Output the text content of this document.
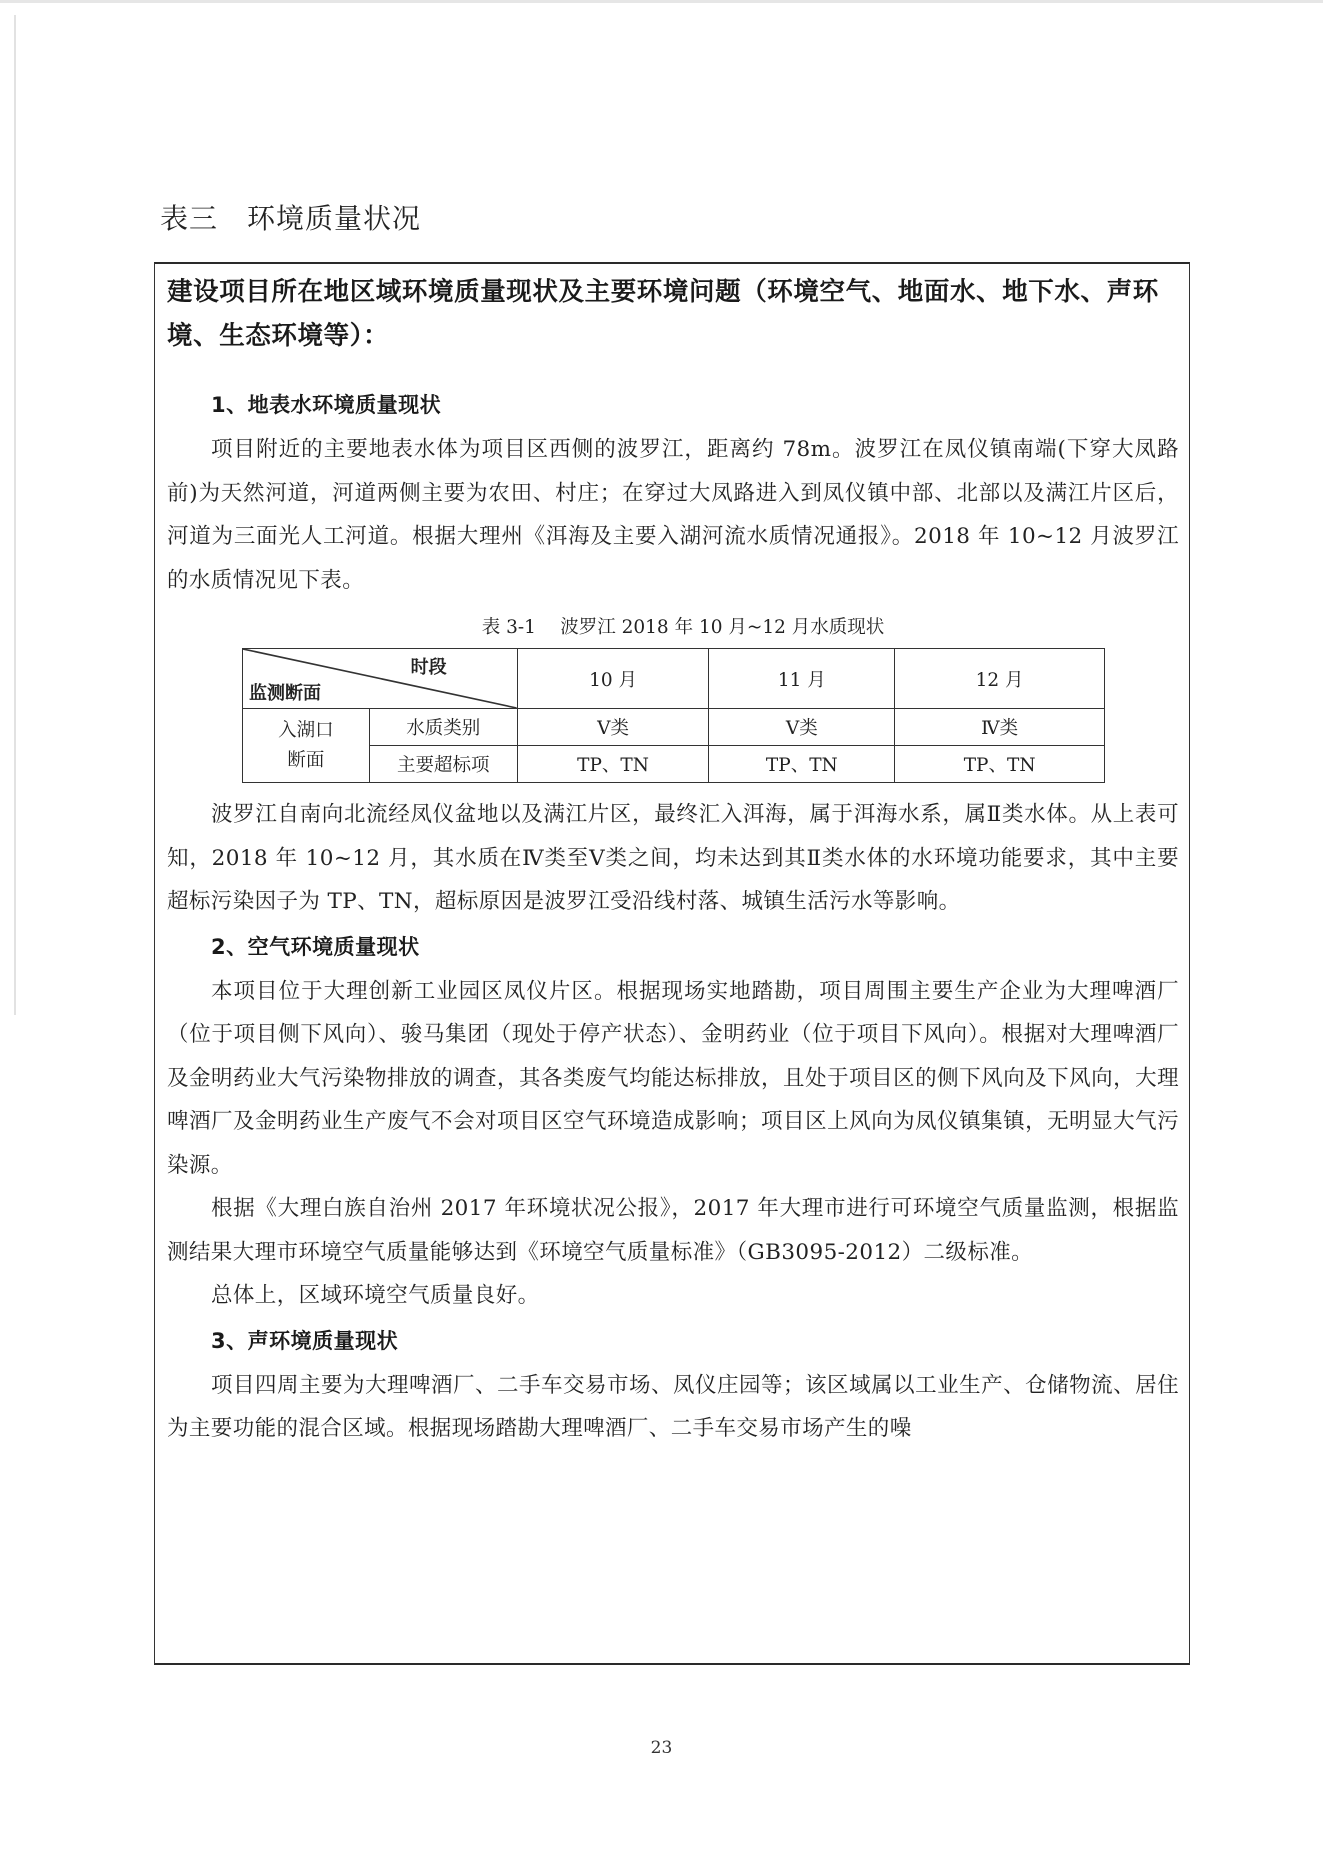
表三　环境质量状况
建设项目所在地区域环境质量现状及主要环境问题（环境空气、地面水、地下水、声环境、生态环境等）：
1、地表水环境质量现状

项目附近的主要地表水体为项目区西侧的波罗江，距离约 78m。波罗江在凤仪镇南端(下穿大凤路前)为天然河道，河道两侧主要为农田、村庄；在穿过大凤路进入到凤仪镇中部、北部以及满江片区后，河道为三面光人工河道。根据大理州《洱海及主要入湖河流水质情况通报》。2018 年 10~12 月波罗江的水质情况见下表。

表 3-1　 波罗江 2018 年 10 月~12 月水质现状
时段
监测断面		10 月	11 月	12 月
入湖口
断面	水质类别	Ⅴ类	Ⅴ类	Ⅳ类
	主要超标项	TP、TN	TP、TN	TP、TN

波罗江自南向北流经凤仪盆地以及满江片区，最终汇入洱海，属于洱海水系，属Ⅱ类水体。从上表可知，2018 年 10~12 月，其水质在Ⅳ类至Ⅴ类之间，均未达到其Ⅱ类水体的水环境功能要求，其中主要超标污染因子为 TP、TN，超标原因是波罗江受沿线村落、城镇生活污水等影响。

2、空气环境质量现状

本项目位于大理创新工业园区凤仪片区。根据现场实地踏勘，项目周围主要生产企业为大理啤酒厂（位于项目侧下风向）、骏马集团（现处于停产状态）、金明药业（位于项目下风向）。根据对大理啤酒厂及金明药业大气污染物排放的调查，其各类废气均能达标排放，且处于项目区的侧下风向及下风向，大理啤酒厂及金明药业生产废气不会对项目区空气环境造成影响；项目区上风向为凤仪镇集镇，无明显大气污染源。

根据《大理白族自治州 2017 年环境状况公报》，2017 年大理市进行可环境空气质量监测，根据监测结果大理市环境空气质量能够达到《环境空气质量标准》（GB3095-2012）二级标准。

总体上，区域环境空气质量良好。

3、声环境质量现状

项目四周主要为大理啤酒厂、二手车交易市场、凤仪庄园等；该区域属以工业生产、仓储物流、居住为主要功能的混合区域。根据现场踏勘大理啤酒厂、二手车交易市场产生的噪

23
